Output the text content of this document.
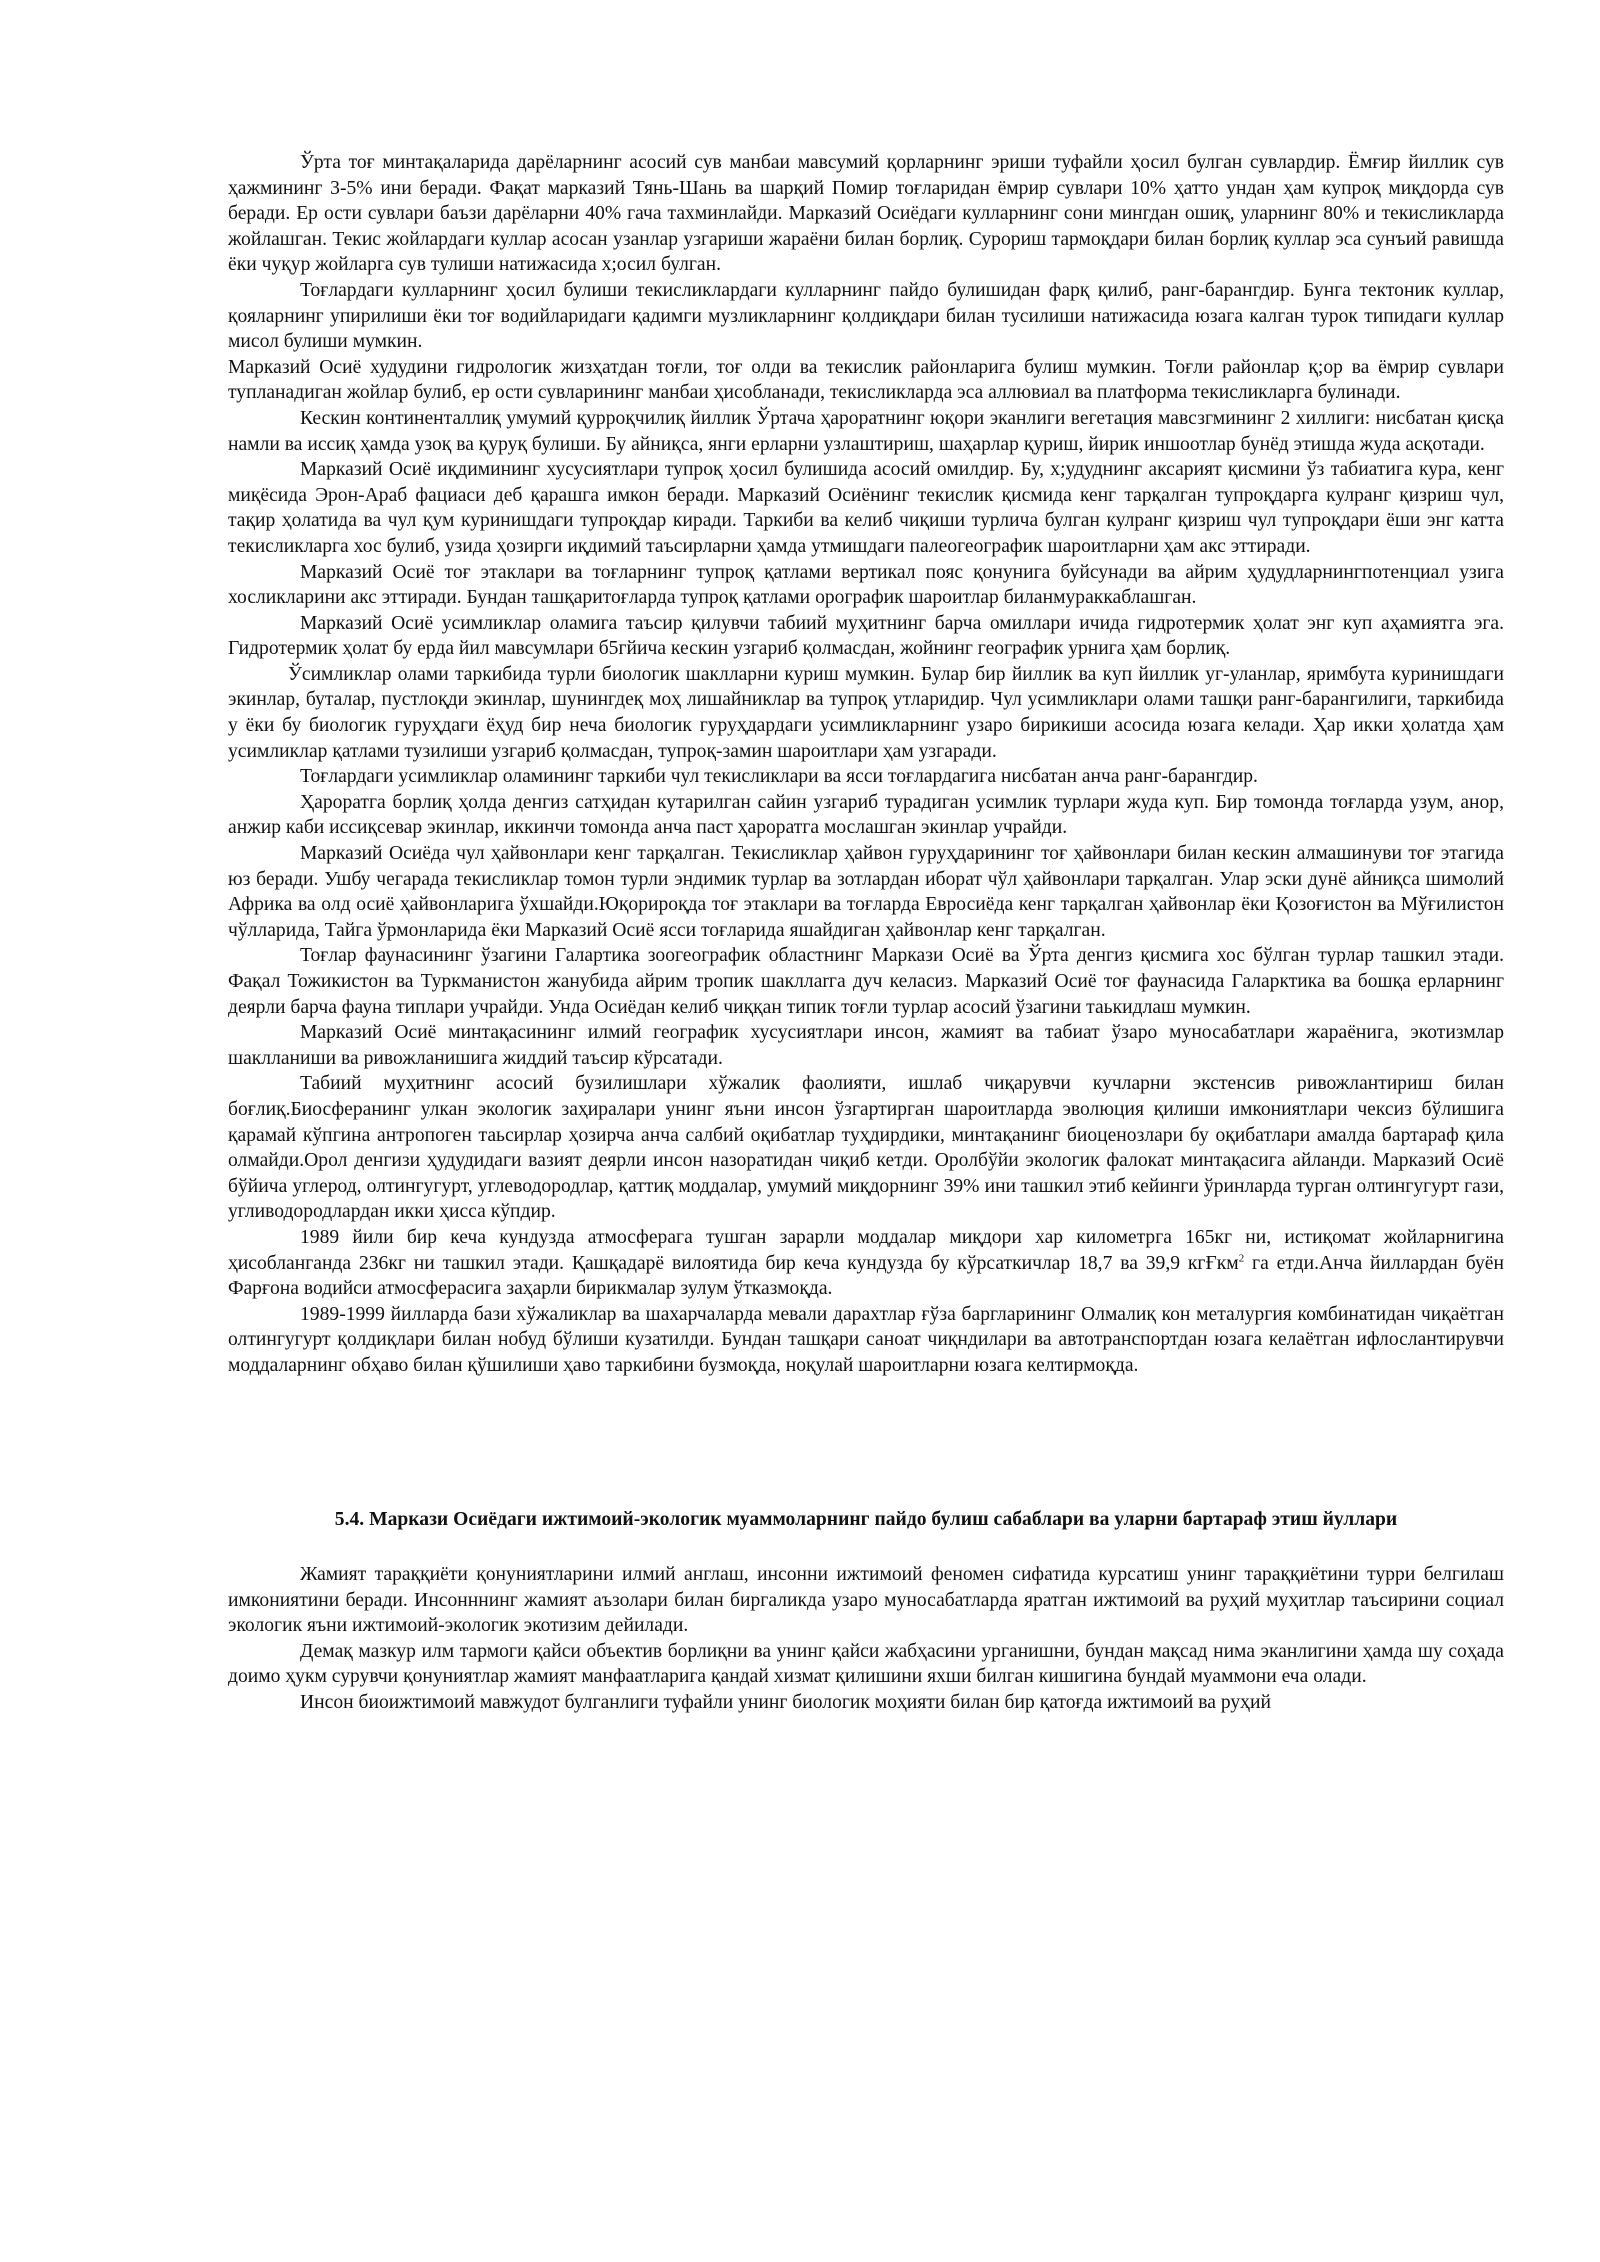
Ўрта тоғ минтақаларида дарёларнинг асосий сув манбаи мавсумий қорларнинг эриши туфайли ҳосил булган сувлардир. Ёмғир йиллик сув ҳажмининг 3-5% ини беради. Фақат марказий Тянь-Шань ва шарқий Помир тоғларидан ёмрир сувлари 10% ҳатто ундан ҳам купроқ миқдорда сув беради. Ер ости сувлари баъзи дарёларни 40% гача тахминлайди. Марказий Осиёдаги кулларнинг сони мингдан ошиқ, уларнинг 80% и текисликларда жойлашган. Текис жойлардаги куллар асосан узанлар узгариши жараёни билан борлиқ. Сурориш тармоқдари билан борлиқ куллар эса сунъий равишда ёки чуқур жойларга сув тулиши натижасида х;осил булган.

Тоғлардаги кулларнинг ҳосил булиши текисликлардаги кулларнинг пайдо булишидан фарқ қилиб, ранг-барангдир. Бунга тектоник куллар, қояларнинг упирилиши ёки тоғ водийларидаги қадимги музликларнинг қолдиқдари билан тусилиши натижасида юзага калган турок типидаги куллар мисол булиши мумкин.

Марказий Осиё худудини гидрологик жизҳатдан тоғли, тоғ олди ва текислик районларига булиш мумкин. Тоғли районлар қ;ор ва ёмрир сувлари тупланадиган жойлар булиб, ер ости сувларининг манбаи ҳисобланади, текисликларда эса аллювиал ва платформа текисликларга булинади.

Кескин континенталлиқ умумий қурроқчилиқ йиллик Ўртача ҳароратнинг юқори эканлиги вегетация мавсзгмининг 2 хиллиги: нисбатан қисқа намли ва иссиқ ҳамда узоқ ва қуруқ булиши. Бу айниқса, янги ерларни узлаштириш, шаҳарлар қуриш, йирик иншоотлар бунёд этишда жуда асқотади.

Марказий Осиё иқдимининг хусусиятлари тупроқ ҳосил булишида асосий омилдир. Бу, х;удуднинг аксарият қисмини ўз табиатига кура, кенг миқёсида Эрон-Араб фациаси деб қарашга имкон беради. Марказий Осиёнинг текислик қисмида кенг тарқалган тупроқдарга кулранг қизриш чул, тақир ҳолатида ва чул қум куринишдаги тупроқдар киради. Таркиби ва келиб чиқиши турлича булган кулранг қизриш чул тупроқдари ёши энг катта текисликларга хос булиб, узида ҳозирги иқдимий таъсирларни ҳамда утмишдаги палеогеографик шароитларни ҳам акс эттиради.

Марказий Осиё тоғ этаклари ва тоғларнинг тупроқ қатлами вертикал пояс қонунига буйсунади ва айрим ҳудудларнингпотенциал узига хосликларини акс эттиради. Бундан ташқаритоғларда тупроқ қатлами орографик шароитлар биланмураккаблашган.

Марказий Осиё усимликлар оламига таъсир қилувчи табиий муҳитнинг барча омиллари ичида гидротермик ҳолат энг куп аҳамиятга эга. Гидротермик ҳолат бу ерда йил мавсумлари б5гйича кескин узгариб қолмасдан, жойнинг географик урнига ҳам борлиқ.

Ўсимликлар олами таркибида турли биологик шаклларни куриш мумкин. Булар бир йиллик ва куп йиллик уг-уланлар, яримбута куринишдаги экинлар, буталар, пустлоқди экинлар, шунингдеқ моҳ лишайниклар ва тупроқ утларидир. Чул усимликлари олами ташқи ранг-барангилиги, таркибида у ёки бу биологик гуруҳдаги ёҳуд бир неча биологик гуруҳдардаги усимликларнинг узаро бирикиши асосида юзага келади. Ҳар икки ҳолатда ҳам усимликлар қатлами тузилиши узгариб қолмасдан, тупроқ-замин шароитлари ҳам узгаради.

Тоғлардаги усимликлар оламининг таркиби чул текисликлари ва ясси тоғлардагига нисбатан анча ранг-барангдир.

Ҳароратга борлиқ ҳолда денгиз сатҳидан кутарилган сайин узгариб турадиган усимлик турлари жуда куп. Бир томонда тоғларда узум, анор, анжир каби иссиқсевар экинлар, иккинчи томонда анча паст ҳароратга мослашган экинлар учрайди.

Марказий Осиёда чул ҳайвонлари кенг тарқалган. Текисликлар ҳайвон гуруҳдарининг тоғ ҳайвонлари билан кескин алмашинуви тоғ этагида юз беради. Ушбу чегарада текисликлар томон турли эндимик турлар ва зотлардан иборат чўл ҳайвонлари тарқалган. Улар эски дунё айниқса шимолий Африка ва олд осиё ҳайвонларига ўхшайди.Юқорироқда тоғ этаклари ва тоғларда Евросиёда кенг тарқалган ҳайвонлар ёки Қозоғистон ва Мўғилистон чўлларида, Тайга ўрмонларида ёки Марказий Осиё ясси тоғларида яшайдиган ҳайвонлар кенг тарқалган.

Тоғлар фаунасининг ўзагини Галартика зоогеографик областнинг Маркази Осиё ва Ўрта денгиз қисмига хос бўлган турлар ташкил этади. Фақал Тожикистон ва Туркманистон жанубида айрим тропик шакллarга дуч келасиз. Марказий Осиё тоғ фаунасида Галарктика ва бошқа ерларнинг деярли барча фауна типлари учрайди. Унда Осиёдан келиб чиққан типик тоғли турлар асосий ўзагини таькидлаш мумкин.

Марказий Осиё минтақасининг илмий географик хусусиятлари инсон, жамият ва табиат ўзаро муносабатлари жараёнига, экотизмлар шаклланиши ва ривожланишига жиддий таъсир кўрсатади.

Табиий муҳитнинг асосий бузилишлари хўжалик фаолияти, ишлаб чиқарувчи кучларни экстенсив ривожлантириш билан боғлиқ.Биосферанинг улкан экологик заҳиралари унинг яъни инсон ўзгартирган шароитларда эволюция қилиши имкониятлари чексиз бўлишига қарамай кўпгина антропоген таьсирлар ҳозирча анча салбий оқибатлар туҳдирдики, минтақанинг биоценозлари бу оқибатлари амалда бартараф қила олмайди.Орол денгизи ҳудудидаги вазият деярли инсон назоратидан чиқиб кетди. Оролбўйи экологик фалокат минтақасига айланди. Марказий Осиё бўйича углерод, олтингугурт, углеводородлар, қаттиқ моддалар, умумий миқдорнинг 39% ини ташкил этиб кейинги ўринларда турган олтингугурт гази, угливодородлардан икки ҳисса кўпдир.

1989 йили бир кеча кундузда атмосферага тушган зарарли моддалар миқдори хар километрга 165кг ни, истиқомат жойларнигина ҳисобланганда 236кг ни ташкил этади. Қашқадарё вилоятида бир кеча кундузда бу кўрсаткичлар 18,7 ва 39,9 кгҒкм$^2$ га етди.Анча йиллардан буён Фарғона водийси атмосферасига заҳарли бирикмалар зулум ўтказмоқда.

1989-1999 йилларда бази хўжаликлар ва шахарчаларда мевали дарахтлар ғўза баргларининг Олмалиқ кон металургия комбинатидан чиқаётган олтингугурт қолдиқлари билан нобуд бўлиши кузатилди. Бундан ташқари саноат чиқндилари ва автотранспортдан юзага келаётган ифлослантирувчи моддаларнинг обҳаво билан қўшилиши ҳаво таркибини бузмоқда, ноқулай шароитларни юзага келтирмоқда.

5.4. Маркази Осиёдаги ижтимоий-экологик муаммоларнинг пайдо булиш сабаблари ва уларни бартараф этиш йуллари

Жамият тараққиёти қонуниятларини илмий англаш, инсонни ижтимоий феномен сифатида курсатиш унинг тараққиётини турри белгилаш имкониятини беради. Инсонннинг жамият аъзолари билан биргаликда узаро муносабатларда яратган ижтимоий ва руҳий муҳитлар таъсирини социал экологик яъни ижтимоий-экологик экотизим дейилади.

Демақ мазкур илм тармоги қайси объектив борлиқни ва унинг қайси жабҳасини урганишни, бундан мақсад нима эканлигини ҳамда шу соҳада доимо ҳукм сурувчи қонуниятлар жамият манфаатларига қандай хизмат қилишини яхши билган кишигина бундай муаммони еча олади.

Инсон биоижтимоий мавжудот булганлиги туфайли унинг биологик моҳияти билан бир қатоғда ижтимоий ва руҳий
